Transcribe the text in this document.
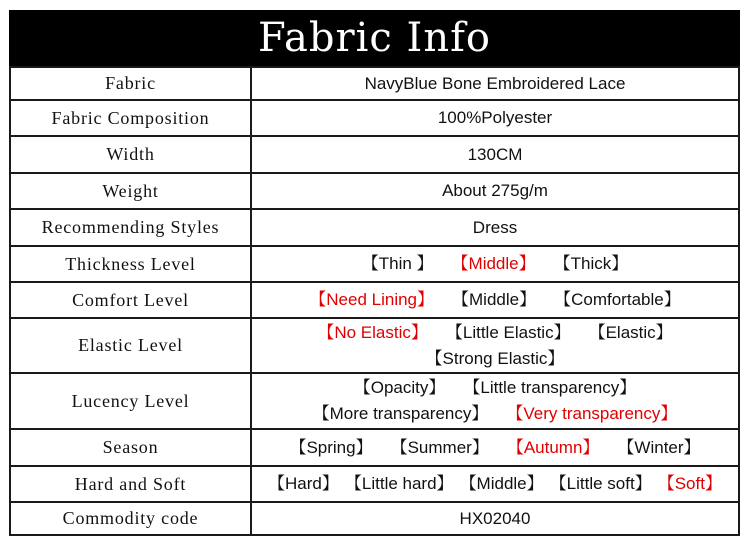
Fabric Info
Fabric	NavyBlue Bone Embroidered Lace
Fabric Composition	100%Polyester
Width	130CM
Weight	About 275g/m
Recommending Styles	Dress
Thickness Level	【Thin 】 【Middle】 【Thick】
Comfort Level	【Need Lining】 【Middle】 【Comfortable】
Elastic Level	【No Elastic】 【Little Elastic】 【Elastic】
【Strong Elastic】
Lucency Level	【Opacity】 【Little transparency】
【More transparency】 【Very transparency】
Season	【Spring】 【Summer】 【Autumn】 【Winter】
Hard and Soft	【Hard】 【Little hard】 【Middle】 【Little soft】 【Soft】
Commodity code	HX02040
